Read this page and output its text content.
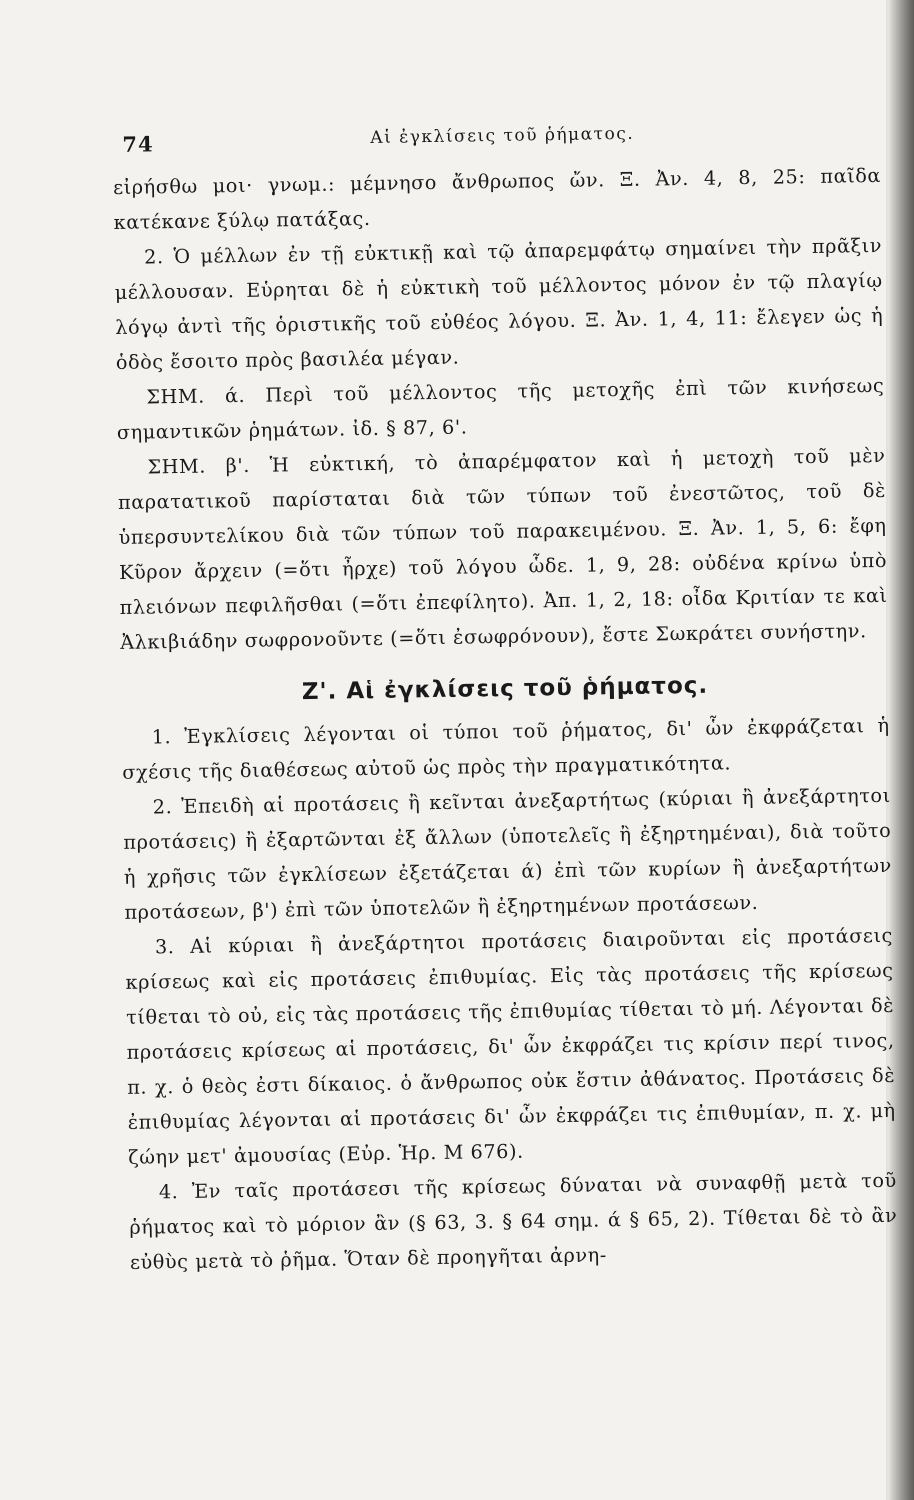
74	Αἱ ἐγκλίσεις τοῦ ῥήματος.

εἰρήσθω μοι· γνωμ.: μέμνησο ἄνθρωπος ὤν. Ξ. Ἀν. 4, 8, 25: παῖδα κατέκανε ξύλῳ πατάξας.

2. Ὁ μέλλων ἐν τῇ εὐκτικῇ καὶ τῷ ἀπαρεμφάτῳ σημαίνει τὴν πρᾶξιν μέλλουσαν. Εὑρηται δὲ ἡ εὐκτικὴ τοῦ μέλλοντος μόνον ἐν τῷ πλαγίῳ λόγῳ ἀντὶ τῆς ὁριστικῆς τοῦ εὐθέος λόγου. Ξ. Ἀν. 1, 4, 11: ἔλεγεν ὡς ἡ ὁδὸς ἔσοιτο πρὸς βασιλέα μέγαν.

ΣΗΜ. ά. Περὶ τοῦ μέλλοντος τῆς μετοχῆς ἐπὶ τῶν κινήσεως σημαντικῶν ῥημάτων. ἰδ. § 87, 6'.

ΣΗΜ. β'. Ἡ εὐκτική, τὸ ἀπαρέμφατον καὶ ἡ μετοχὴ τοῦ μὲν παρατατικοῦ παρίσταται διὰ τῶν τύπων τοῦ ἐνεστῶτος, τοῦ δὲ ὑπερσυντελίκου διὰ τῶν τύπων τοῦ παρακειμένου. Ξ. Ἀν. 1, 5, 6: ἔφη Κῦρον ἄρχειν (=ὅτι ἦρχε) τοῦ λόγου ὧδε. 1, 9, 28: οὐδένα κρίνω ὑπὸ πλειόνων πεφιλῆσθαι (=ὅτι ἐπεφίλητο). Ἀπ. 1, 2, 18: οἶδα Κριτίαν τε καὶ Ἀλκιβιάδην σωφρονοῦντε (=ὅτι ἐσωφρόνουν), ἔστε Σωκράτει συνήστην.

Ζ'. Αἱ ἐγκλίσεις τοῦ ῥήματος.

1. Ἐγκλίσεις λέγονται οἱ τύποι τοῦ ῥήματος, δι' ὧν ἐκφράζεται ἡ σχέσις τῆς διαθέσεως αὐτοῦ ὡς πρὸς τὴν πραγματικότητα.

2. Ἐπειδὴ αἱ προτάσεις ἢ κεῖνται ἀνεξαρτήτως (κύριαι ἢ ἀνεξάρτητοι προτάσεις) ἢ ἐξαρτῶνται ἐξ ἄλλων (ὑποτελεῖς ἢ ἐξηρτημέναι), διὰ τοῦτο ἡ χρῆσις τῶν ἐγκλίσεων ἐξετάζεται ά) ἐπὶ τῶν κυρίων ἢ ἀνεξαρτήτων προτάσεων, β') ἐπὶ τῶν ὑποτελῶν ἢ ἐξηρτημένων προτάσεων.

3. Αἱ κύριαι ἢ ἀνεξάρτητοι προτάσεις διαιροῦνται εἰς προτάσεις κρίσεως καὶ εἰς προτάσεις ἐπιθυμίας. Εἰς τὰς προτάσεις τῆς κρίσεως τίθεται τὸ οὐ, εἰς τὰς προτάσεις τῆς ἐπιθυμίας τίθεται τὸ μή. Λέγονται δὲ προτάσεις κρίσεως αἱ προτάσεις, δι' ὧν ἐκφράζει τις κρίσιν περί τινος, π. χ. ὁ θεὸς ἐστι δίκαιος. ὁ ἄνθρωπος οὐκ ἔστιν ἀθάνατος. Προτάσεις δὲ ἐπιθυμίας λέγονται αἱ προτάσεις δι' ὧν ἐκφράζει τις ἐπιθυμίαν, π. χ. μὴ ζώην μετ' ἀμουσίας (Εὐρ. Ἡρ. Μ 676).

4. Ἐν ταῖς προτάσεσι τῆς κρίσεως δύναται νὰ συναφθῇ μετὰ τοῦ ῥήματος καὶ τὸ μόριον ἂν (§ 63, 3. § 64 σημ. ά § 65, 2). Τίθεται δὲ τὸ ἂν εὐθὺς μετὰ τὸ ῥῆμα. Ὅταν δὲ προηγῆται ἀρνη-
